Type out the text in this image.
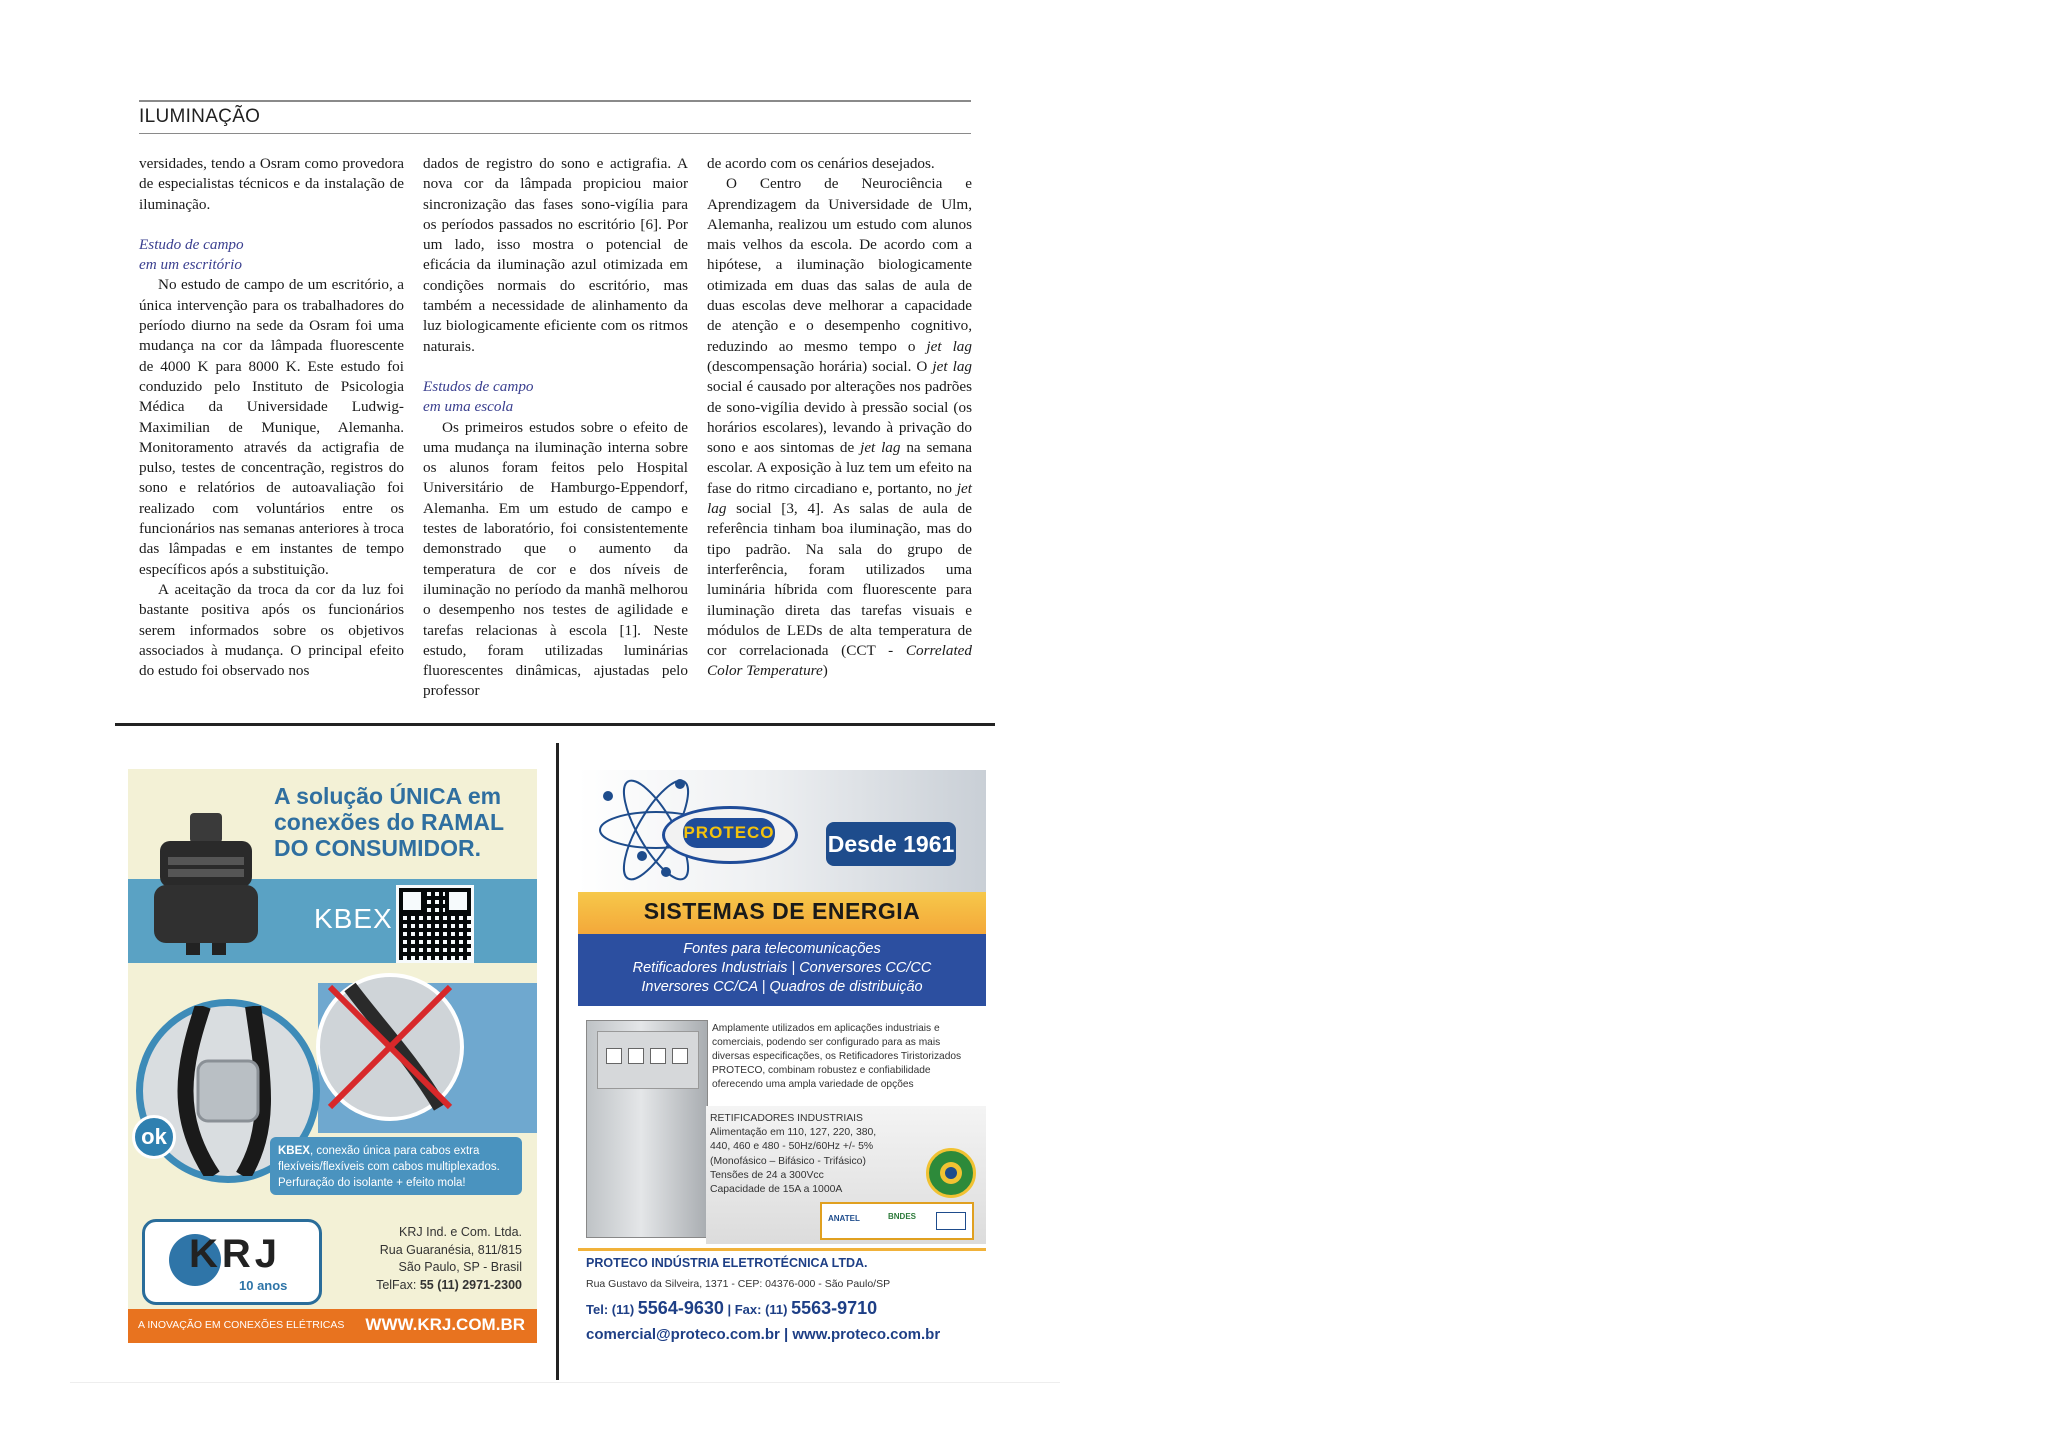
ILUMINAÇÃO

versidades, tendo a Osram como provedora de especialistas técnicos e da instalação de iluminação.

Estudo de campo
em um escritório

No estudo de campo de um escritório, a única intervenção para os trabalhadores do período diurno na sede da Osram foi uma mudança na cor da lâmpada fluorescente de 4000 K para 8000 K. Este estudo foi conduzido pelo Instituto de Psicologia Médica da Universidade Ludwig-Maximilian de Munique, Alemanha. Monitoramento através da actigrafia de pulso, testes de concentração, registros do sono e relatórios de autoavaliação foi realizado com voluntários entre os funcionários nas semanas anteriores à troca das lâmpadas e em instantes de tempo específicos após a substituição.

A aceitação da troca da cor da luz foi bastante positiva após os funcionários serem informados sobre os objetivos associados à mudança. O principal efeito do estudo foi observado nos

dados de registro do sono e actigrafia. A nova cor da lâmpada propiciou maior sincronização das fases sono-vigília para os períodos passados no escritório [6]. Por um lado, isso mostra o potencial de eficácia da iluminação azul otimizada em condições normais do escritório, mas também a necessidade de alinhamento da luz biologicamente eficiente com os ritmos naturais.

Estudos de campo
em uma escola

Os primeiros estudos sobre o efeito de uma mudança na iluminação interna sobre os alunos foram feitos pelo Hospital Universitário de Hamburgo-Eppendorf, Alemanha. Em um estudo de campo e testes de laboratório, foi consistentemente demonstrado que o aumento da temperatura de cor e dos níveis de iluminação no período da manhã melhorou o desempenho nos testes de agilidade e tarefas relacionas à escola [1]. Neste estudo, foram utilizadas luminárias fluorescentes dinâmicas, ajustadas pelo professor

de acordo com os cenários desejados.

O Centro de Neurociência e Aprendizagem da Universidade de Ulm, Alemanha, realizou um estudo com alunos mais velhos da escola. De acordo com a hipótese, a iluminação biologicamente otimizada em duas das salas de aula de duas escolas deve melhorar a capacidade de atenção e o desempenho cognitivo, reduzindo ao mesmo tempo o jet lag (descompensação horária) social. O jet lag social é causado por alterações nos padrões de sono-vigília devido à pressão social (os horários escolares), levando à privação do sono e aos sintomas de jet lag na semana escolar. A exposição à luz tem um efeito na fase do ritmo circadiano e, portanto, no jet lag social [3, 4]. As salas de aula de referência tinham boa iluminação, mas do tipo padrão. Na sala do grupo de interferência, foram utilizados uma luminária híbrida com fluorescente para iluminação direta das tarefas visuais e módulos de LEDs de alta temperatura de cor correlacionada (CCT - Correlated Color Temperature)

A solução ÚNICA em conexões do RAMAL DO CONSUMIDOR.
KBEX
ok
KBEX, conexão única para cabos extra flexíveis/flexíveis com cabos multiplexados. Perfuração do isolante + efeito mola!
KRJ
10 anos
KRJ Ind. e Com. Ltda.
Rua Guaranésia, 811/815
São Paulo, SP - Brasil
TelFax: 55 (11) 2971-2300
A INOVAÇÃO EM CONEXÕES ELÉTRICAS WWW.KRJ.COM.BR
PROTECO Desde 1961
SISTEMAS DE ENERGIA
Fontes para telecomunicações
Retificadores Industriais | Conversores CC/CC
Inversores CC/CA | Quadros de distribuição
Amplamente utilizados em aplicações industriais e comerciais, podendo ser configurado para as mais diversas especificações, os Retificadores Tiristorizados PROTECO, combinam robustez e confiabilidade oferecendo uma ampla variedade de opções
RETIFICADORES INDUSTRIAIS
Alimentação em 110, 127, 220, 380,
440, 460 e 480 - 50Hz/60Hz +/- 5%
(Monofásico – Bifásico - Trifásico)
Tensões de 24 a 300Vcc
Capacidade de 15A a 1000A
ANATEL	BNDES
PROTECO INDÚSTRIA ELETROTÉCNICA LTDA.
Rua Gustavo da Silveira, 1371 - CEP: 04376-000 - São Paulo/SP
Tel: (11) 5564-9630 | Fax: (11) 5563-9710
comercial@proteco.com.br | www.proteco.com.br
